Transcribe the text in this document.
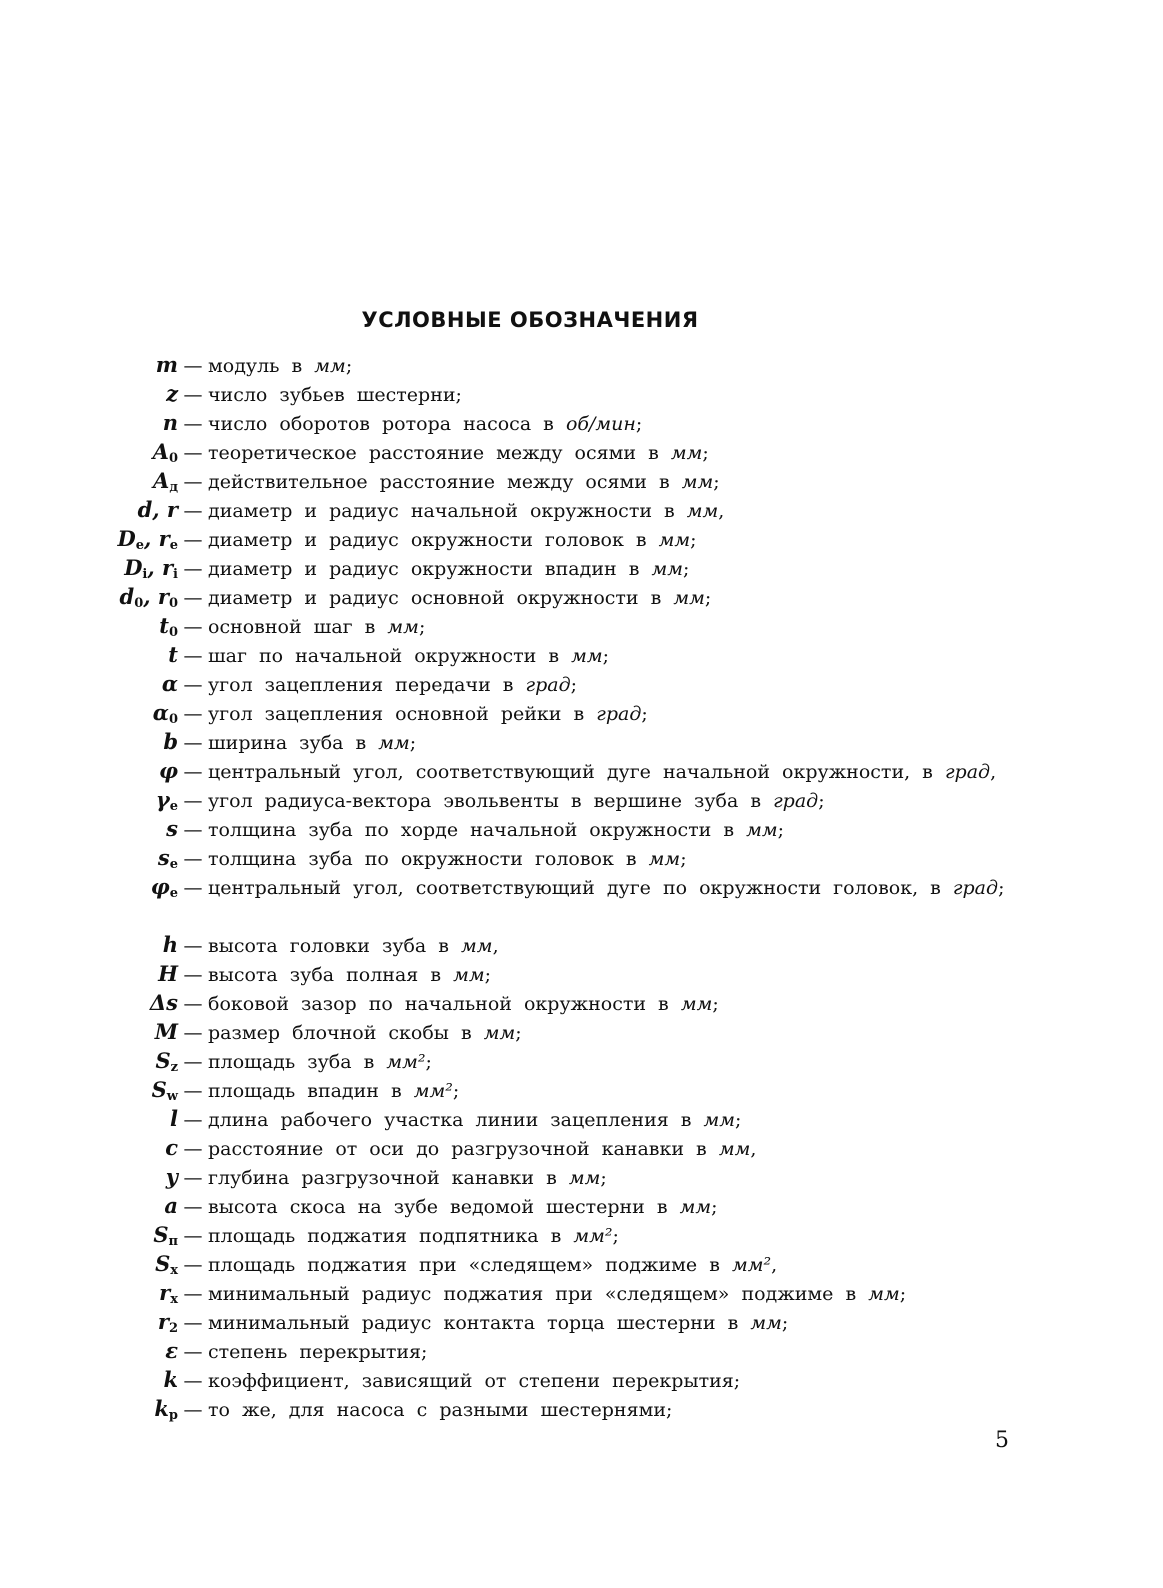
УСЛОВНЫЕ ОБОЗНАЧЕНИЯ
m — модуль в мм;
z — число зубьев шестерни;
n — число оборотов ротора насоса в об/мин;
$A_0$ — теоретическое расстояние между осями в мм;
$A_д$ — действительное расстояние между осями в мм;
d, r — диаметр и радиус начальной окружности в мм,
$D_e$, $r_e$ — диаметр и радиус окружности головок в мм;
$D_i$, $r_i$ — диаметр и радиус окружности впадин в мм;
$d_0$, $r_0$ — диаметр и радиус основной окружности в мм;
$t_0$ — основной шаг в мм;
t — шаг по начальной окружности в мм;
α — угол зацепления передачи в град;
$\alpha_0$ — угол зацепления основной рейки в град;
b — ширина зуба в мм;
φ — центральный угол, соответствующий дуге начальной окружности, в град,
$\gamma_e$ — угол радиуса-вектора эвольвенты в вершине зуба в град;
s — толщина зуба по хорде начальной окружности в мм;
$s_e$ — толщина зуба по окружности головок в мм;
$\varphi_e$ — центральный угол, соответствующий дуге по окружности головок, в град;
h — высота головки зуба в мм,
H — высота зуба полная в мм;
Δs — боковой зазор по начальной окружности в мм;
M — размер блочной скобы в мм;
$S_z$ — площадь зуба в мм²;
$S_w$ — площадь впадин в мм²;
l — длина рабочего участка линии зацепления в мм;
c — расстояние от оси до разгрузочной канавки в мм,
y — глубина разгрузочной канавки в мм;
a — высота скоса на зубе ведомой шестерни в мм;
$S_п$ — площадь поджатия подпятника в мм²;
$S_x$ — площадь поджатия при «следящем» поджиме в мм²,
$r_x$ — минимальный радиус поджатия при «следящем» поджиме в мм;
$r_2$ — минимальный радиус контакта торца шестерни в мм;
ε — степень перекрытия;
k — коэффициент, зависящий от степени перекрытия;
$k_p$ — то же, для насоса с разными шестернями;
5
